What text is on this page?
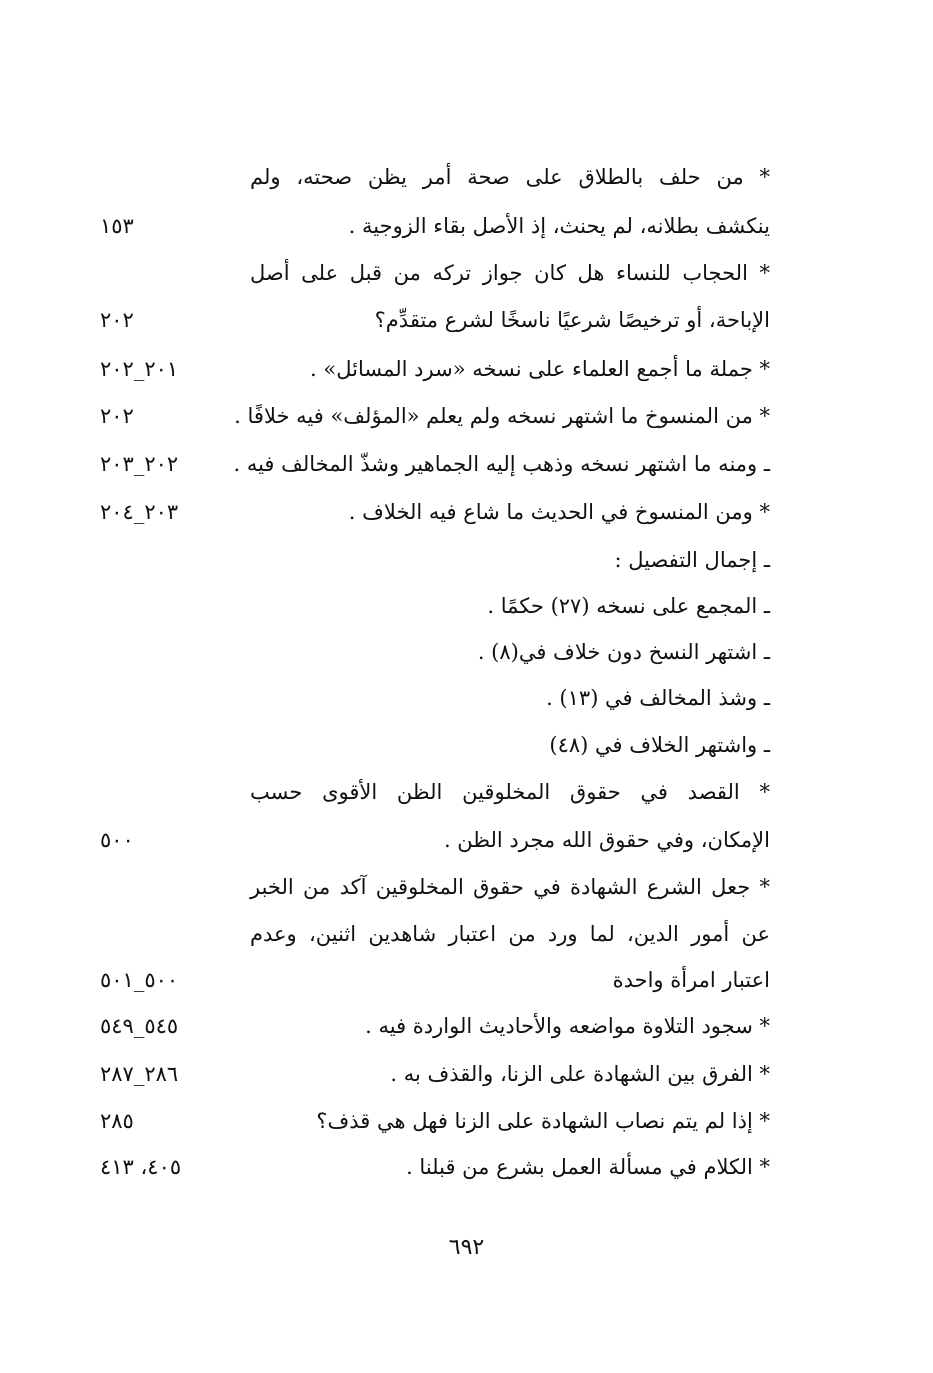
* من حلف بالطلاق على صحة أمر يظن صحته، ولم
ينكشف بطلانه، لم يحنث، إذ الأصل بقاء الزوجية .
١٥٣
* الحجاب للنساء هل كان جواز تركه من قبل على أصل
الإباحة، أو ترخيصًا شرعيًا ناسخًا لشرع متقدِّم؟
٢٠٢
* جملة ما أجمع العلماء على نسخه «سرد المسائل» .
٢٠١_٢٠٢
* من المنسوخ ما اشتهر نسخه ولم يعلم «المؤلف» فيه خلافًا .
٢٠٢
ـ ومنه ما اشتهر نسخه وذهب إليه الجماهير وشذّ المخالف فيه .
٢٠٢_٢٠٣
* ومن المنسوخ في الحديث ما شاع فيه الخلاف .
٢٠٣_٢٠٤
ـ إجمال التفصيل :
ـ المجمع على نسخه (٢٧) حكمًا .
ـ اشتهر النسخ دون خلاف في(٨) .
ـ وشذ المخالف في (١٣) .
ـ واشتهر الخلاف في (٤٨)
* القصد في حقوق المخلوقين الظن الأقوى حسب
الإمكان، وفي حقوق الله مجرد الظن .
٥٠٠
* جعل الشرع الشهادة في حقوق المخلوقين آكد من الخبر
عن أمور الدين، لما ورد من اعتبار شاهدين اثنين، وعدم
اعتبار امرأة واحدة
٥٠٠_٥٠١
* سجود التلاوة مواضعه والأحاديث الواردة فيه .
٥٤٥_٥٤٩
* الفرق بين الشهادة على الزنا، والقذف به .
٢٨٦_٢٨٧
* إذا لم يتم نصاب الشهادة على الزنا فهل هي قذف؟
٢٨٥
* الكلام في مسألة العمل بشرع من قبلنا .
٤٠٥، ٤١٣
٦٩٢
